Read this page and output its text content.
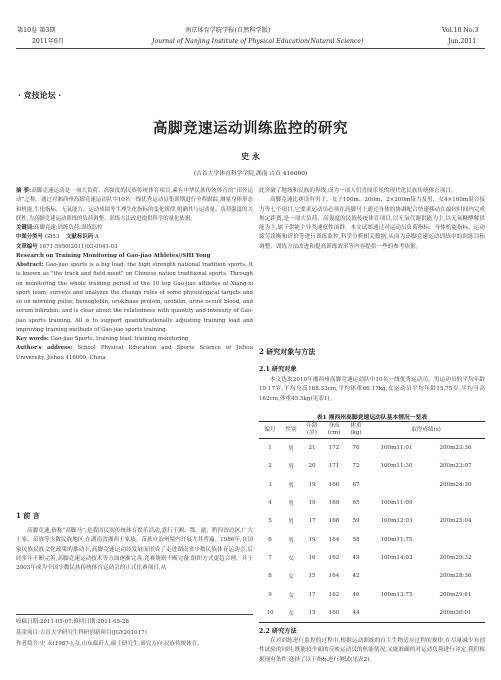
第10卷 第3期	南京体育学院学报(自然科学版)	Vol.10 No.3
2011年6月	Journal of Nanjing Institute of Physical Education(Natural Science)	Jun.2011
· 竞技论坛 ·
高脚竞速运动训练监控的研究
史 永
(吉首大学体育科学学院,湖南 吉首 416000)

摘 要:高脚竞速运动是一项大负荷、高强度的民族传统体育项目,素有中华民族传统体育的“田径运动”之称。通过对湘西州高脚竞速运动队中10名一线优秀运动员集训期进行全程跟踪,测量身体形态和机能,生化指标、无氧能力、运动成绩等生理生化指标的变化规律,明确其与运动量、负荷强度的关联性,为高脚竞速运动训练的负荷调整、训练方法改进提供科学的量化依据。

关键词:高脚竞速;训练负荷;训练监控

中图分类号 G853 文献标识码 A

文章编号 1671-5950(2011)03-0041-03

Research on Training Monitoring of Gao-jiao Athletes//SHI Yong

Abstract: Gao-jiao sports is a big load, the high strength national tradition sports. It is known as "the track and field meet" on Chinese nation traditional sports. Through on monitoring the whole training period of the 10 top Gao-jiao athletes of Xiang-xi sport team, surveys and analyzes the change rules of some physiological targets and so on morning pulse, hemoglobin, urokinase protein, urobilin, urine occult blood, and serum bilirubin; and is clear about the relatedness with quantity and intensity of Gao-jiao sports training. All is to support quantificationally adjusting training load and improving training methods of Gao-jiao sports training.

Key words: Gao-jiao Sports, training load, training monitoring

Author's address: School Physical Education and Sports Science of Jishou University, Jishou 416000, China

1 前 言

高脚竞速,俗称“高脚马”,是我国民间传统体育娱乐活动,盛行于湘、鄂、渝、黔四省边区,广大土家、苗族等少数民族地区,在湖南省湘西土家族、苗族自治州境内开展尤其普遍。1986年,在国家民族民族文化政策的推动下,高脚竞速运动经发展而形成了走进湖南省少数民族体育运动会,后经多年不断完善,高脚竞速运动技术等方面逐渐完善,竞赛规则不断完备,组织方式更趋合理。并于2003年成为全国少数民族传统体育运动会的正式比赛项目,从

收稿日期:2011-05-07;修回日期:2011-05-28

基金项目:吉首大学研究生科研创新项目(JGY201017)

作者简介:史 永(1987-),女,山东临沂人,硕士研究生,研究方向:民族传统体育。

此突破了地域和民族的界线,成为一项人们喜闻乐见的现代化民族传统体育项目。

高脚竞速比赛设有男子、女子100m、200m、2×200m接力及男、女4×100m混合接力等七个项目,它要求运动员必须在高脚马上通过身体的协调配合快速移动在最短时间内完成规定距离,是一项大负荷、高强度的民族传统体育项目,以无氧代谢供能为主,以无氧糖酵解供能为主,属于供能主导类速度性项群。本文试图通过对运动员负荷指标、身体机能指标、运动疲劳诊断和评价等进行训练监控,科学分析相关数据,从而为高脚竞速运动训练中的训练目标调整、训练方法改进和提高训练效率等内容提供一些的参考依据。

2 研究对象与方法
2.1 研究对象

本文选取2010年湘西州高脚竞速运动队中10名一线优秀运动员。男运动员的平均年龄19.17岁,平均身高168.33cm,平均体重66.17kg,女运动员平均年龄15.75岁,平均身高162cm,体重45.5kg(见表1)。

表1 湘西州高脚竞速运动队基本情况一览表
编号	性别	年龄
(岁)	身高
(cm)	体重
(kg)	取得成绩(s)	
1	男	21	172	76	100m11:01	200m23:36
2	男	20	171	72	100m11:30	200m23:07
3	男	19	166	67		200m24:30
4	男	19	169	65	100m11:09	
5	男	17	168	59	100m12:03	200m25:04
6	男	19	164	58	100m11:75	
7	女	16	162	49	100m14:03	200m29:32
8	女	15	164	42		200m28:36
9	女	17	162	46	100m13:75	200m29:61
10	女	15	160	44		200m30:01
2.2 研究方法

在对训练进行监控的过程中,根据运动训练的自主生物适应过程的规律,在尽量减少有创性试验的同时,既能较全面的反映运动员的机能情况,又能准确的对运动负荷进行评定,我们根据现有条件,选择了以下指标进行测试(见表2)。
